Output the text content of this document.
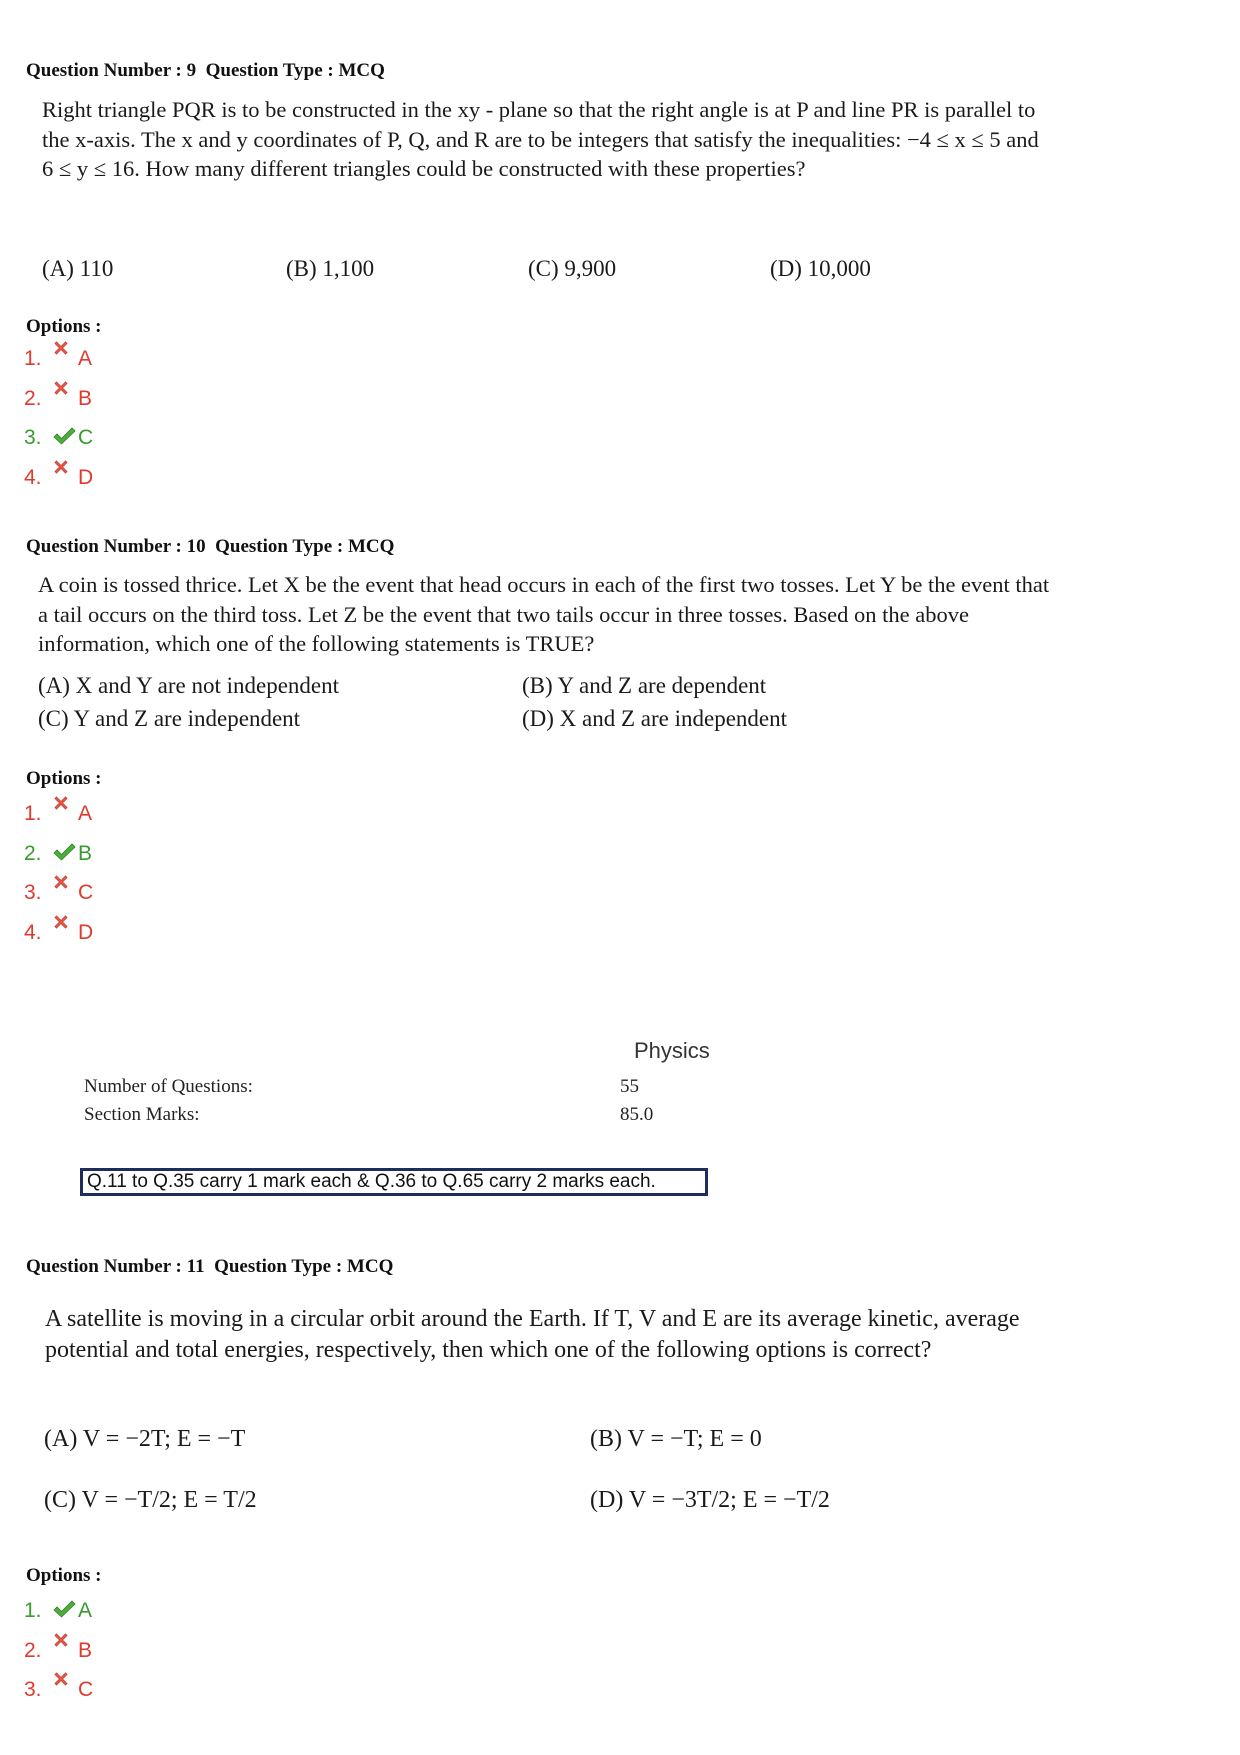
Question Number : 9  Question Type : MCQ
Right triangle PQR is to be constructed in the xy - plane so that the right angle is at P and line PR is parallel to the x-axis. The x and y coordinates of P, Q, and R are to be integers that satisfy the inequalities: −4 ≤ x ≤ 5 and 6 ≤ y ≤ 16. How many different triangles could be constructed with these properties?
(A) 110	(B) 1,100	(C) 9,900	(D) 10,000
Options :
1.	A
2.	B
3.	C
4.	D
Question Number : 10  Question Type : MCQ
A coin is tossed thrice. Let X be the event that head occurs in each of the first two tosses. Let Y be the event that a tail occurs on the third toss. Let Z be the event that two tails occur in three tosses. Based on the above information, which one of the following statements is TRUE?
(A) X and Y are not independent	(B) Y and Z are dependent
(C) Y and Z are independent	(D) X and Z are independent
Options :
1.	A
2.	B
3.	C
4.	D
Physics
Number of Questions:	55
Section Marks:	85.0
Q.11 to Q.35 carry 1 mark each & Q.36 to Q.65 carry 2 marks each.
Question Number : 11  Question Type : MCQ
A satellite is moving in a circular orbit around the Earth. If T, V and E are its average kinetic, average potential and total energies, respectively, then which one of the following options is correct?
(A) V = −2T; E = −T	(B) V = −T; E = 0
(C) V = −T/2; E = T/2	(D) V = −3T/2; E = −T/2
Options :
1.	A
2.	B
3.	C
